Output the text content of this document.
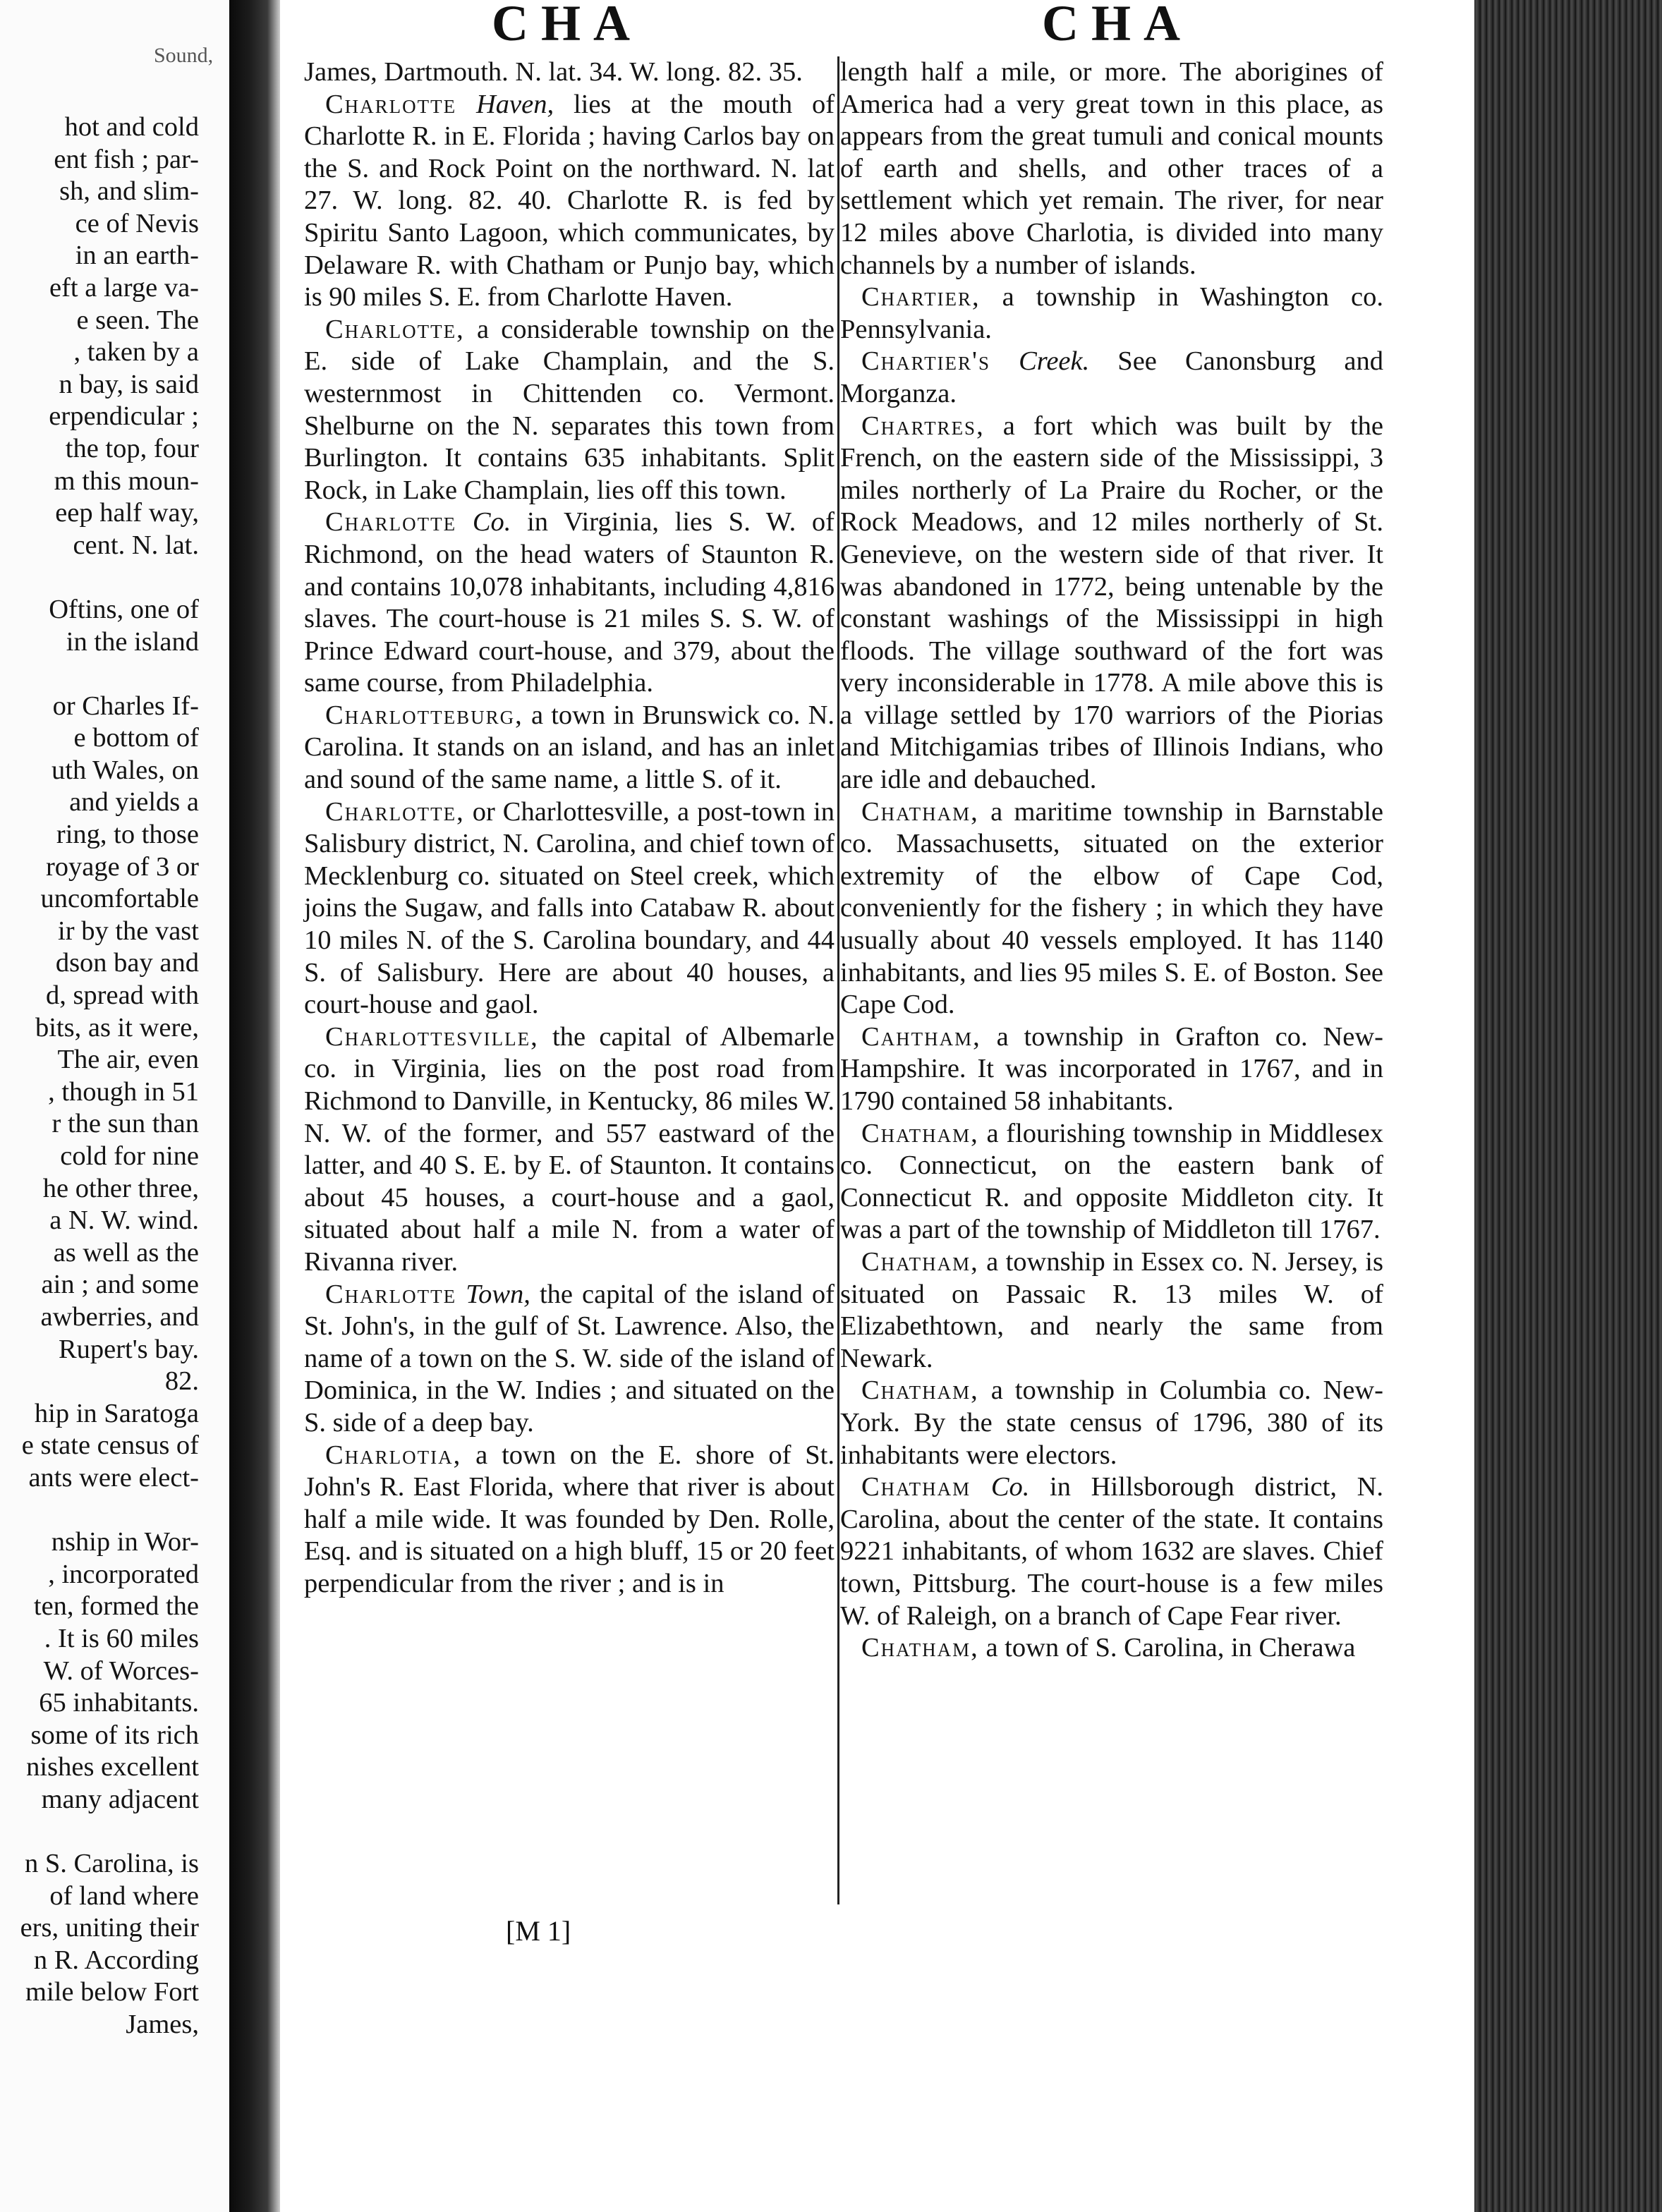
Sound,
hot and cold
ent fish ; par-
sh, and slim-
ce of Nevis
in an earth-
eft a large va-
e seen. The
, taken by a
n bay, is said
erpendicular ;
the top, four
m this moun-
eep half way,
cent. N. lat.

Oftins, one of
in the island

or Charles If-
e bottom of
uth Wales, on
and yields a
ring, to those
royage of 3 or
uncomfortable
ir by the vast
dson bay and
d, spread with
bits, as it were,
The air, even
, though in 51
r the sun than
cold for nine
he other three,
a N. W. wind.
as well as the
ain ; and some
awberries, and
Rupert's bay.
82.
hip in Saratoga
e state census of
ants were elect-

nship in Wor-
, incorporated
ten, formed the
. It is 60 miles
W. of Worces-
65 inhabitants.
some of its rich
nishes excellent
many adjacent

n S. Carolina, is
of land where
ers, uniting their
n R. According
mile below Fort
James,
CHA	CHA

James, Dartmouth. N. lat. 34. W. long. 82. 35.

Charlotte Haven, lies at the mouth of Charlotte R. in E. Florida ; having Carlos bay on the S. and Rock Point on the northward. N. lat 27. W. long. 82. 40. Charlotte R. is fed by Spiritu Santo Lagoon, which communicates, by Delaware R. with Chatham or Punjo bay, which is 90 miles S. E. from Charlotte Haven.

Charlotte, a considerable township on the E. side of Lake Champlain, and the S. westernmost in Chittenden co. Vermont. Shelburne on the N. separates this town from Burlington. It contains 635 inhabitants. Split Rock, in Lake Champlain, lies off this town.

Charlotte Co. in Virginia, lies S. W. of Richmond, on the head waters of Staunton R. and contains 10,078 inhabitants, including 4,816 slaves. The court-house is 21 miles S. S. W. of Prince Edward court-house, and 379, about the same course, from Philadelphia.

Charlotteburg, a town in Brunswick co. N. Carolina. It stands on an island, and has an inlet and sound of the same name, a little S. of it.

Charlotte, or Charlottesville, a post-town in Salisbury district, N. Carolina, and chief town of Mecklenburg co. situated on Steel creek, which joins the Sugaw, and falls into Catabaw R. about 10 miles N. of the S. Carolina boundary, and 44 S. of Salisbury. Here are about 40 houses, a court-house and gaol.

Charlottesville, the capital of Albemarle co. in Virginia, lies on the post road from Richmond to Danville, in Kentucky, 86 miles W. N. W. of the former, and 557 eastward of the latter, and 40 S. E. by E. of Staunton. It contains about 45 houses, a court-house and a gaol, situated about half a mile N. from a water of Rivanna river.

Charlotte Town, the capital of the island of St. John's, in the gulf of St. Lawrence. Also, the name of a town on the S. W. side of the island of Dominica, in the W. Indies ; and situated on the S. side of a deep bay.

Charlotia, a town on the E. shore of St. John's R. East Florida, where that river is about half a mile wide. It was founded by Den. Rolle, Esq. and is situated on a high bluff, 15 or 20 feet perpendicular from the river ; and is in

length half a mile, or more. The aborigines of America had a very great town in this place, as appears from the great tumuli and conical mounts of earth and shells, and other traces of a settlement which yet remain. The river, for near 12 miles above Charlotia, is divided into many channels by a number of islands.

Chartier, a township in Washington co. Pennsylvania.

Chartier's Creek. See Canonsburg and Morganza.

Chartres, a fort which was built by the French, on the eastern side of the Mississippi, 3 miles northerly of La Praire du Rocher, or the Rock Meadows, and 12 miles northerly of St. Genevieve, on the western side of that river. It was abandoned in 1772, being untenable by the constant washings of the Mississippi in high floods. The village southward of the fort was very inconsiderable in 1778. A mile above this is a village settled by 170 warriors of the Piorias and Mitchigamias tribes of Illinois Indians, who are idle and debauched.

Chatham, a maritime township in Barnstable co. Massachusetts, situated on the exterior extremity of the elbow of Cape Cod, conveniently for the fishery ; in which they have usually about 40 vessels employed. It has 1140 inhabitants, and lies 95 miles S. E. of Boston. See Cape Cod.

Cahtham, a township in Grafton co. New-Hampshire. It was incorporated in 1767, and in 1790 contained 58 inhabitants.

Chatham, a flourishing township in Middlesex co. Connecticut, on the eastern bank of Connecticut R. and opposite Middleton city. It was a part of the township of Middleton till 1767.

Chatham, a township in Essex co. N. Jersey, is situated on Passaic R. 13 miles W. of Elizabethtown, and nearly the same from Newark.

Chatham, a township in Columbia co. New-York. By the state census of 1796, 380 of its inhabitants were electors.

Chatham Co. in Hillsborough district, N. Carolina, about the center of the state. It contains 9221 inhabitants, of whom 1632 are slaves. Chief town, Pittsburg. The court-house is a few miles W. of Raleigh, on a branch of Cape Fear river.

Chatham, a town of S. Carolina, in Cherawa

[M 1]
